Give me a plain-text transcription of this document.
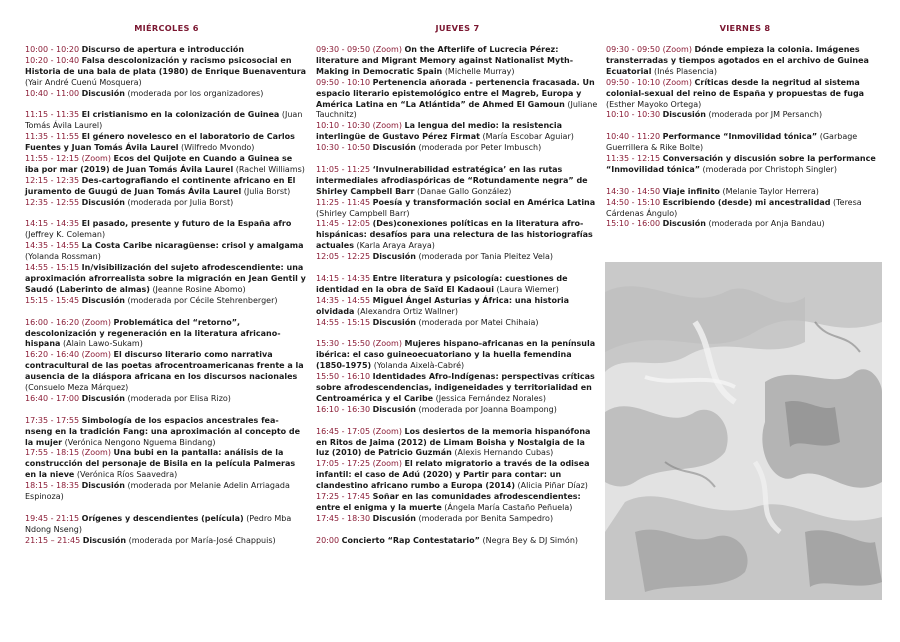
MIÉRCOLES 6
10:00 - 10:20 Discurso de apertura e introducción
10:20 - 10:40 Falsa descolonización y racismo psicosocial en Historia de una bala de plata (1980) de Enrique Buenaventura (Yair André Cuenú Mosquera)
10:40 - 11:00 Discusión (moderada por los organizadores)
11:15 - 11:35 El cristianismo en la colonización de Guinea (Juan Tomás Ávila Laurel)
11:35 - 11:55 El género novelesco en el laboratorio de Carlos Fuentes y Juan Tomás Ávila Laurel (Wilfredo Mvondo)
11:55 - 12:15 (Zoom) Ecos del Quijote en Cuando a Guinea se iba por mar (2019) de Juan Tomás Ávila Laurel (Rachel Williams)
12:15 - 12:35 Des-cartografiando el continente africano en El juramento de Guugú de Juan Tomás Ávila Laurel (Julia Borst)
12:35 - 12:55 Discusión (moderada por Julia Borst)
14:15 - 14:35 El pasado, presente y futuro de la España afro (Jeffrey K. Coleman)
14:35 - 14:55 La Costa Caribe nicaragüense: crisol y amalgama (Yolanda Rossman)
14:55 - 15:15 In/visibilización del sujeto afrodescendiente: una aproximación afrorrealista sobre la migración en Jean Gentil y Saudó (Laberinto de almas) (Jeanne Rosine Abomo)
15:15 - 15:45 Discusión (moderada por Cécile Stehrenberger)
16:00 - 16:20 (Zoom) Problemática del “retorno”, descolonización y regeneración en la literatura africano-hispana (Alain Lawo-Sukam)
16:20 - 16:40 (Zoom) El discurso literario como narrativa contracultural de las poetas afrocentroamericanas frente a la ausencia de la diáspora africana en los discursos nacionales (Consuelo Meza Márquez)
16:40 - 17:00 Discusión (moderada por Elisa Rizo)
17:35 - 17:55 Simbología de los espacios ancestrales fea- nseng en la tradición Fang: una aproximación al concepto de la mujer (Verónica Nengono Nguema Bindang)
17:55 - 18:15 (Zoom) Una bubi en la pantalla: análisis de la construcción del personaje de Bisila en la película Palmeras en la nieve (Verónica Ríos Saavedra)
18:15 - 18:35 Discusión (moderada por Melanie Adelin Arriagada Espinoza)
19:45 - 21:15 Orígenes y descendientes (película) (Pedro Mba Ndong Nseng)
21:15 – 21:45 Discusión (moderada por María-José Chappuis)
JUEVES 7
09:30 - 09:50 (Zoom) On the Afterlife of Lucrecia Pérez: literature and Migrant Memory against Nationalist Myth-Making in Democratic Spain (Michelle Murray)
09:50 - 10:10 Pertenencia añorada - pertenencia fracasada. Un espacio literario epistemológico entre el Magreb, Europa y América Latina en “La Atlántida” de Ahmed El Gamoun (Juliane Tauchnitz)
10:10 - 10:30 (Zoom) La lengua del medio: la resistencia interlingüe de Gustavo Pérez Firmat (María Escobar Aguiar)
10:30 - 10:50 Discusión (moderada por Peter Imbusch)
11:05 - 11:25 ‘Invulnerabilidad estratégica’ en las rutas intermediales afrodiaspóricas de “Rotundamente negra” de Shirley Campbell Barr (Danae Gallo González)
11:25 - 11:45 Poesía y transformación social en América Latina (Shirley Campbell Barr)
11:45 - 12:05 (Des)conexiones políticas en la literatura afro-hispánicas: desafíos para una relectura de las historiografías actuales (Karla Araya Araya)
12:05 - 12:25 Discusión (moderada por Tania Pleitez Vela)
14:15 - 14:35 Entre literatura y psicología: cuestiones de identidad en la obra de Saïd El Kadaoui (Laura Wiemer)
14:35 - 14:55 Miguel Ángel Asturias y África: una historia olvidada (Alexandra Ortiz Wallner)
14:55 - 15:15 Discusión (moderada por Matei Chihaia)
15:30 - 15:50 (Zoom) Mujeres hispano-africanas en la península ibérica: el caso guineoecuatoriano y la huella femendina (1850-1975) (Yolanda Aixelà-Cabré)
15:50 - 16:10 Identidades Afro-Indígenas: perspectivas críticas sobre afrodescendencias, indigeneidades y territorialidad en Centroamérica y el Caribe (Jessica Fernández Norales)
16:10 - 16:30 Discusión (moderada por Joanna Boampong)
16:45 - 17:05 (Zoom) Los desiertos de la memoria hispanófona en Ritos de Jaima (2012) de Limam Boisha y Nostalgia de la luz (2010) de Patricio Guzmán (Alexis Hernando Cubas)
17:05 - 17:25 (Zoom) El relato migratorio a través de la odisea infantil: el caso de Adú (2020) y Partir para contar: un clandestino africano rumbo a Europa (2014) (Alicia Piñar Díaz)
17:25 - 17:45 Soñar en las comunidades afrodescendientes: entre el enigma y la muerte (Ángela María Castaño Peñuela)
17:45 - 18:30 Discusión (moderada por Benita Sampedro)
20:00 Concierto “Rap Contestatario” (Negra Bey & DJ Simón)
VIERNES 8
09:30 - 09:50 (Zoom) Dónde empieza la colonia. Imágenes transterradas y tiempos agotados en el archivo de Guinea Ecuatorial (Inés Plasencia)
09:50 - 10:10 (Zoom) Críticas desde la negritud al sistema colonial-sexual del reino de España y propuestas de fuga (Esther Mayoko Ortega)
10:10 - 10:30 Discusión (moderada por JM Persanch)
10:40 - 11:20 Performance “Inmovilidad tónica” (Garbage Guerrillera & Rike Bolte)
11:35 - 12:15 Conversación y discusión sobre la performance “Inmovilidad tónica” (moderada por Christoph Singler)
14:30 - 14:50 Viaje infinito (Melanie Taylor Herrera)
14:50 - 15:10 Escribiendo (desde) mi ancestralidad (Teresa Cárdenas Ángulo)
15:10 - 16:00 Discusión (moderada por Anja Bandau)
